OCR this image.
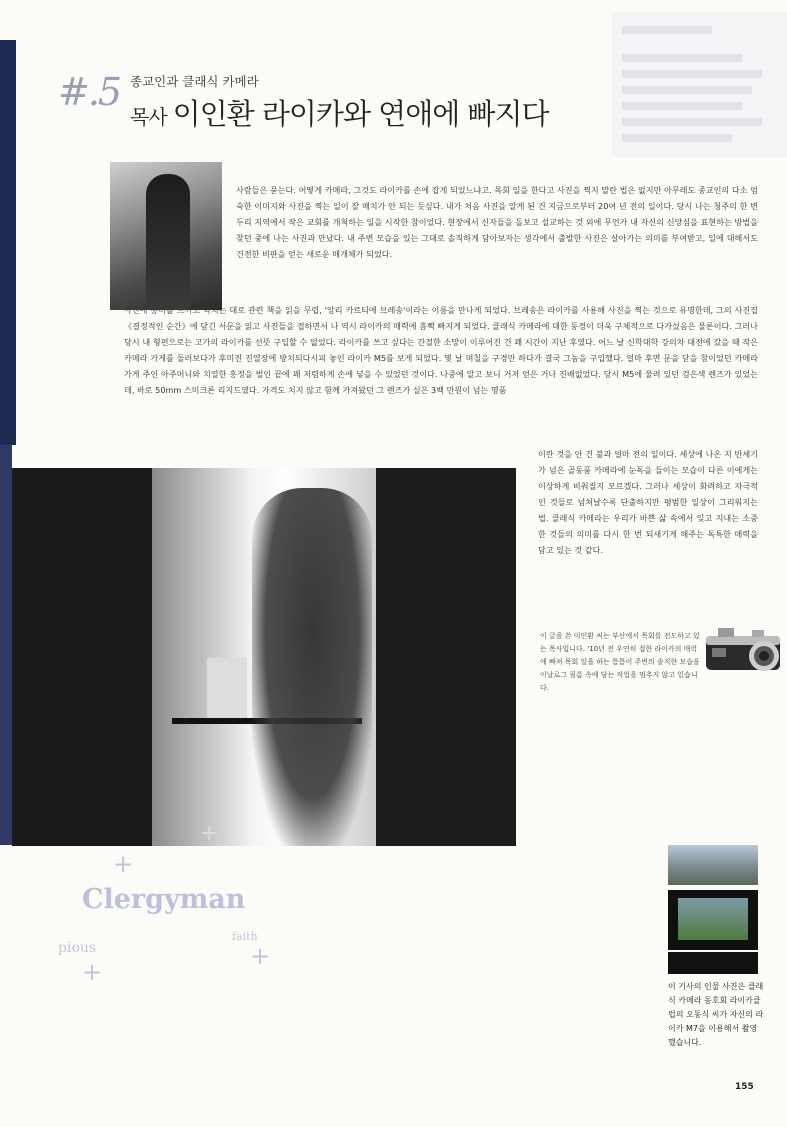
#.5 종교인과 클래식 카메라
목사 이인환 라이카와 연애에 빠지다
사람들은 묻는다. 어떻게 카메라, 그것도 라이카를 손에 잡게 되었느냐고. 목회 일을 한다고 사진을 찍지 말란 법은 없지만 아무래도 종교인의 다소 엄숙한 이미지와 사진을 찍는 일이 잘 매치가 안 되는 듯싶다. 내가 처음 사진을 알게 된 건 지금으로부터 20여 년 전의 일이다. 당시 나는 청주의 한 변두리 지역에서 작은 교회를 개척하는 일을 시작한 참이었다. 현장에서 신자들을 돌보고 설교하는 것 외에 무언가 내 자신의 신앙심을 표현하는 방법을 찾던 중에 나는 사진과 만났다. 내 주변 모습을 있는 그대로 솔직하게 담아보자는 생각에서 출발한 사진은 살아가는 의미를 부여받고, 일에 대해서도 건전한 비판을 얻는 새로운 매개체가 되었다.
사진에 흥미를 느끼고 닥치는 대로 관련 책을 읽을 무렵, '앙리 카르티에 브레송'이라는 이름을 만나게 되었다. 브레송은 라이카를 사용해 사진을 찍는 것으로 유명한데, 그의 사진집 《결정적인 순간》에 담긴 서문을 읽고 사진들을 접하면서 나 역시 라이카의 매력에 흠뻑 빠지게 되었다. 클래식 카메라에 대한 동경이 더욱 구체적으로 다가섰음은 물론이다. 그러나 당시 내 형편으로는 고가의 라이카를 선뜻 구입할 수 없었다. 라이카를 쓰고 싶다는 간절한 소망이 이루어진 건 꽤 시간이 지난 후였다. 어느 날 신학대학 강의차 대전에 갔을 때 작은 카메라 가게를 둘러보다가 후미진 진열장에 방치되다시피 놓인 라이카 M5를 보게 되었다. 몇 날 며칠을 구경만 하다가 결국 그놈을 구입했다. 얼마 후면 문을 닫을 참이었던 카메라 가게 주인 아주머니와 치열한 흥정을 벌인 끝에 꽤 저렴하게 손에 넣을 수 있었던 것이다. 나중에 알고 보니 거저 얻은 거나 진배없었다. 당시 M5에 물려 있던 검은색 렌즈가 있었는데, 바로 50mm 스미크론 리지드였다. 가격도 치지 않고 함께 가져왔던 그 렌즈가 실은 3백 만원이 넘는 명품
이란 것을 안 건 불과 얼마 전의 일이다. 세상에 나온 지 반세기가 넘은 골동품 카메라에 눈독을 들이는 모습이 다른 이에게는 이상하게 비춰질지 모르겠다. 그러나 세상이 화려하고 자극적인 것들로 넘쳐날수록 단출하지만 평범한 일상이 그리워지는 법. 클래식 카메라는 우리가 바쁜 삶 속에서 잊고 지내는 소중한 것들의 의미를 다시 한 번 되새기게 해주는 독특한 매력을 담고 있는 것 같다.
+
이 글을 쓴 이인환 씨는 부산에서 목회를 전도하고 있는 목사입니다. '10년 전 우연히 접한 라이카의 매력에 빠져 목회 일을 하는 틈틈이 주변의 솔직한 모습을 이날로그 필름 속에 담는 작업을 멈추지 않고 있습니다.
Clergyman
pious
faith
+
+
+
이 기사의 인물 사진은 클래식 카메라 동호회 라이카클럽의 오동식 씨가 자신의 라이카 M7을 이용해서 촬영했습니다.
155
